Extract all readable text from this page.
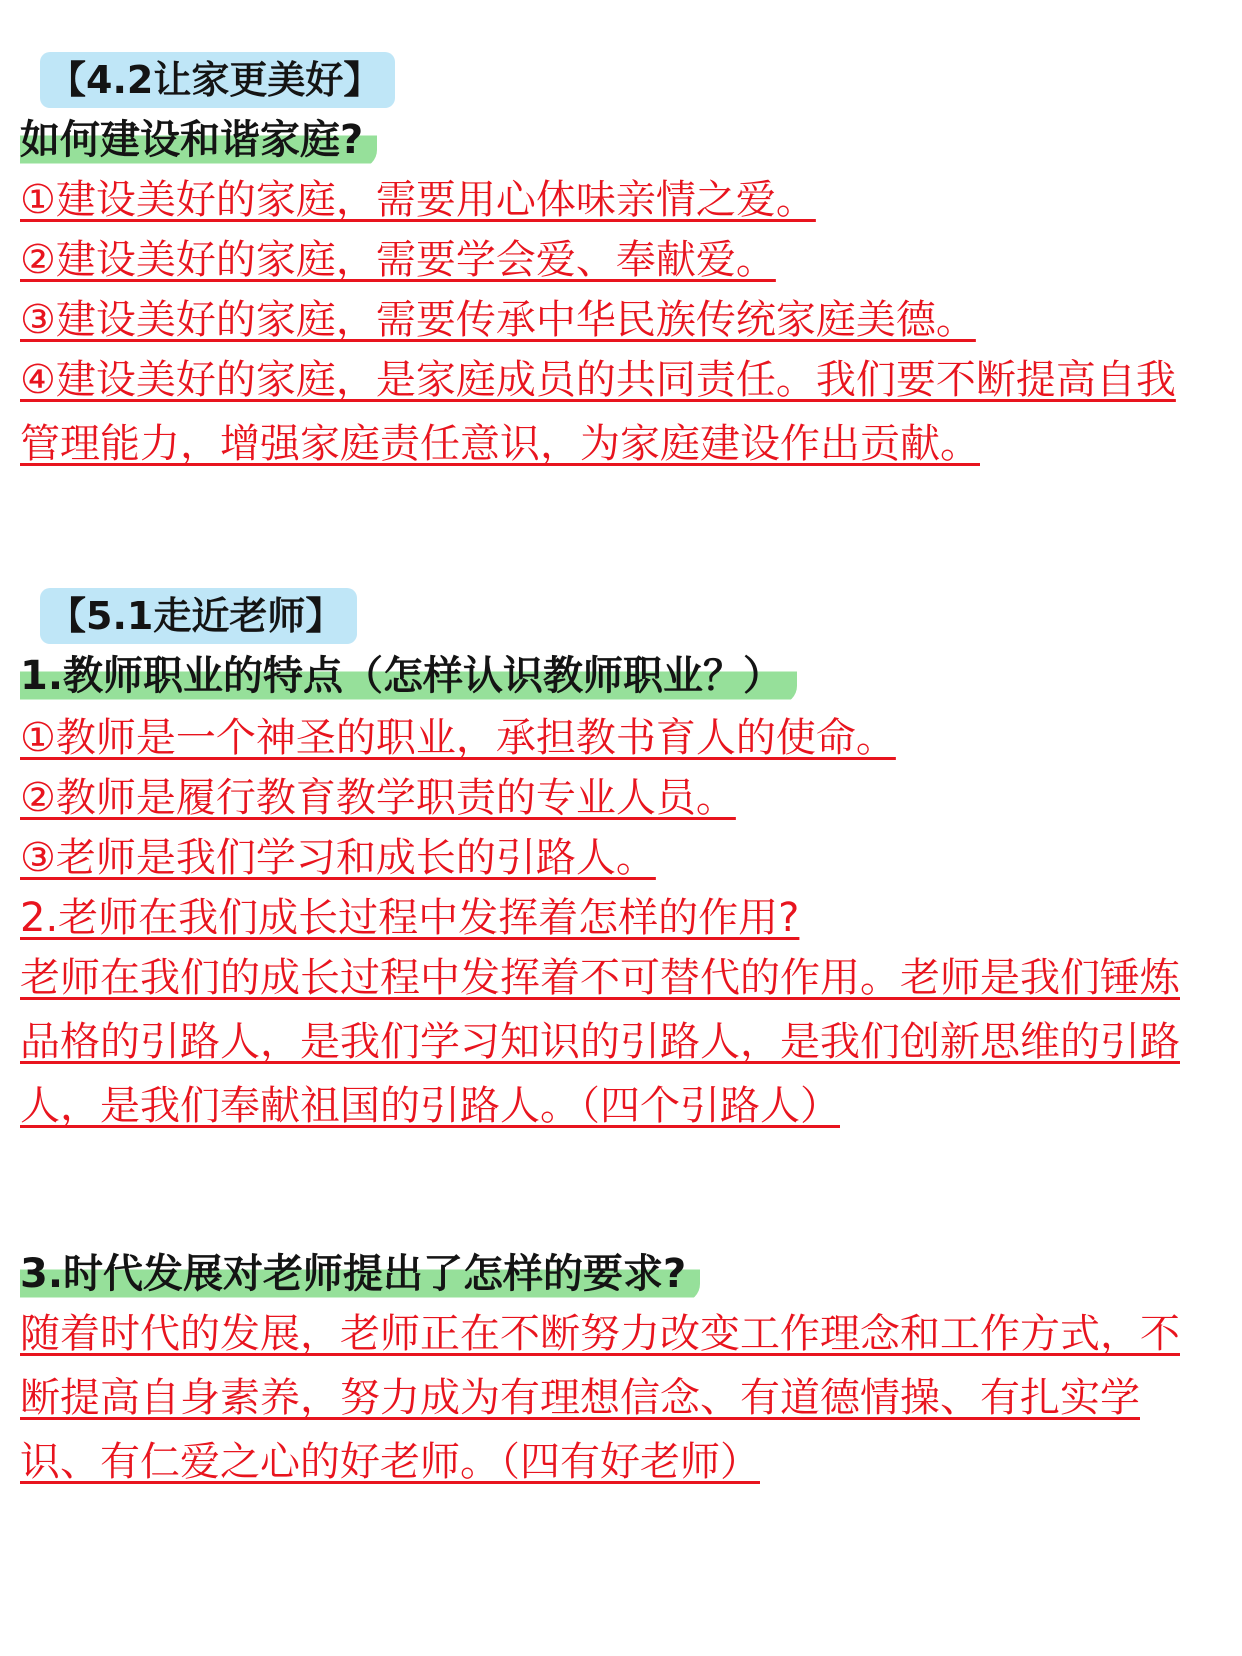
【4.2让家更美好】
如何建设和谐家庭?

①建设美好的家庭，需要用心体味亲情之爱。

②建设美好的家庭，需要学会爱、奉献爱。

③建设美好的家庭，需要传承中华民族传统家庭美德。

④建设美好的家庭，是家庭成员的共同责任。我们要不断提高自我管理能力，增强家庭责任意识，为家庭建设作出贡献。

【5.1走近老师】
1.教师职业的特点（怎样认识教师职业？）

①教师是一个神圣的职业，承担教书育人的使命。

②教师是履行教育教学职责的专业人员。

③老师是我们学习和成长的引路人。

2.老师在我们成长过程中发挥着怎样的作用?

老师在我们的成长过程中发挥着不可替代的作用。老师是我们锤炼品格的引路人，是我们学习知识的引路人，是我们创新思维的引路人，是我们奉献祖国的引路人。（四个引路人）

3.时代发展对老师提出了怎样的要求?

随着时代的发展，老师正在不断努力改变工作理念和工作方式，不断提高自身素养，努力成为有理想信念、有道德情操、有扎实学识、有仁爱之心的好老师。（四有好老师）
